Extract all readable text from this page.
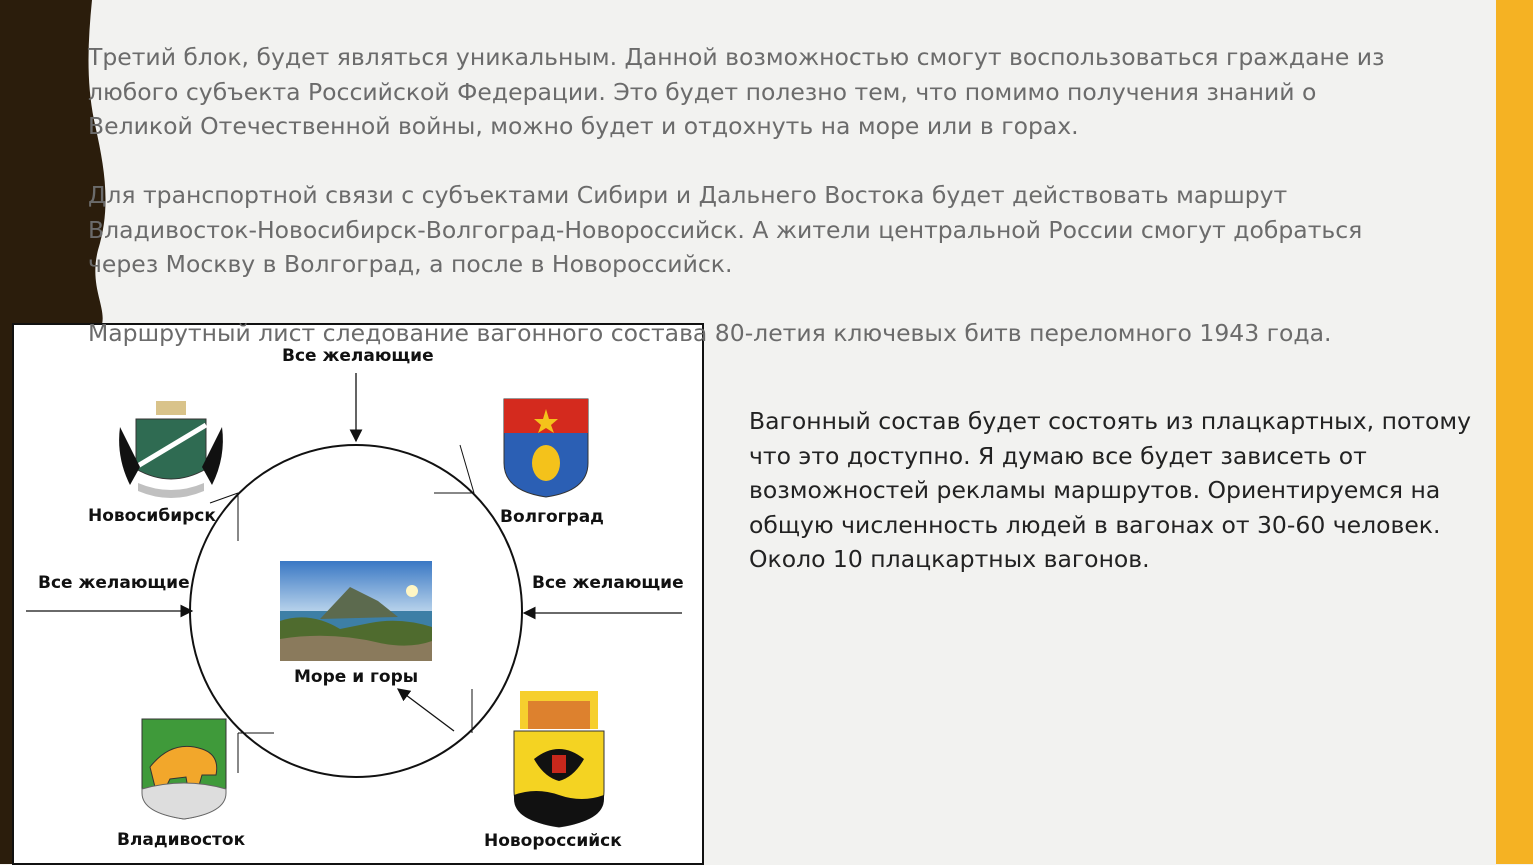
Третий блок, будет являться уникальным. Данной возможностью смогут воспользоваться граждане из
любого субъекта Российской Федерации. Это будет полезно тем, что помимо получения знаний о
Великой Отечественной войны, можно будет и отдохнуть на море или в горах.
Для транспортной связи с субъектами Сибири и Дальнего Востока будет действовать маршрут
Владивосток-Новосибирск-Волгоград-Новороссийск. А жители центральной России смогут добраться
через Москву в Волгоград, а после в Новороссийск.
Все желающие
Все желающие	Все желающие
Новосибирск	Волгоград
Владивосток	Новороссийск
Море и горы
Маршрутный лист следование вагонного состава 80-летия ключевых битв переломного 1943 года.
Вагонный состав будет состоять из плацкартных, потому
что это доступно. Я думаю все будет зависеть от
возможностей рекламы маршрутов. Ориентируемся на
общую численность людей в вагонах от 30-60 человек.
Около 10 плацкартных вагонов.
